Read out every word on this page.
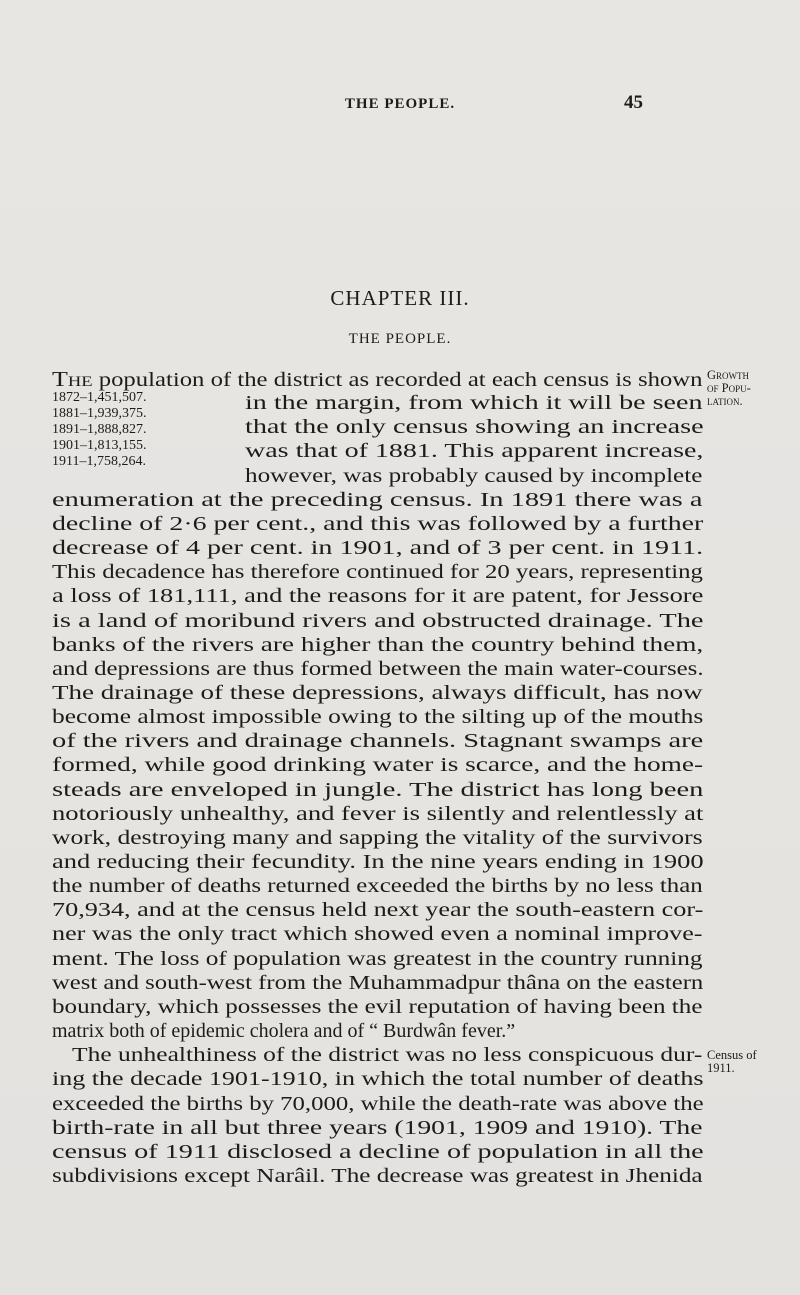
THE PEOPLE.	45
CHAPTER III.
THE PEOPLE.
The population of the district as recorded at each census is shown
1872–1,451,507.
1881–1,939,375.
1891–1,888,827.
1901–1,813,155.
1911–1,758,264.
in the margin, from which it will be seen
that the only census showing an increase
was that of 1881. This apparent increase,
however, was probably caused by incomplete
enumeration at the preceding census. In 1891 there was a
decline of 2·6 per cent., and this was followed by a further
decrease of 4 per cent. in 1901, and of 3 per cent. in 1911.
This decadence has therefore continued for 20 years, representing
a loss of 181,111, and the reasons for it are patent, for Jessore
is a land of moribund rivers and obstructed drainage. The
banks of the rivers are higher than the country behind them,
and depressions are thus formed between the main water-courses.
The drainage of these depressions, always difficult, has now
become almost impossible owing to the silting up of the mouths
of the rivers and drainage channels. Stagnant swamps are
formed, while good drinking water is scarce, and the home-
steads are enveloped in jungle. The district has long been
notoriously unhealthy, and fever is silently and relentlessly at
work, destroying many and sapping the vitality of the survivors
and reducing their fecundity. In the nine years ending in 1900
the number of deaths returned exceeded the births by no less than
70,934, and at the census held next year the south-eastern cor-
ner was the only tract which showed even a nominal improve-
ment. The loss of population was greatest in the country running
west and south-west from the Muhammadpur thâna on the eastern
boundary, which possesses the evil reputation of having been the
matrix both of epidemic cholera and of “ Burdwân fever.”
The unhealthiness of the district was no less conspicuous dur-
ing the decade 1901-1910, in which the total number of deaths
exceeded the births by 70,000, while the death-rate was above the
birth-rate in all but three years (1901, 1909 and 1910). The
census of 1911 disclosed a decline of population in all the
subdivisions except Narâil. The decrease was greatest in Jhenida
Growth
of Popu-
lation.
Census of
1911.
